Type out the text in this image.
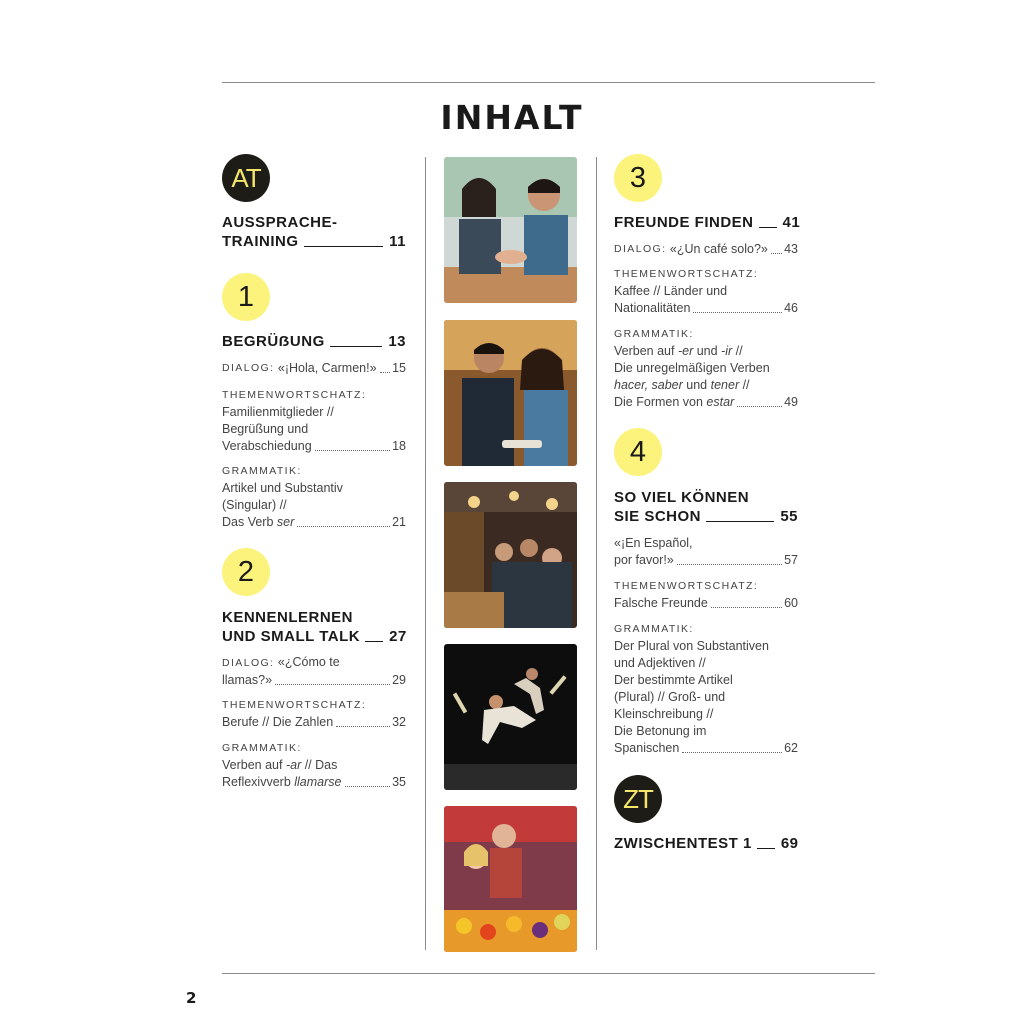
INHALT
AT
AUSSPRACHE-
TRAINING	11
1
BEGRÜẞUNG	13
DIALOG:
«¡Hola, Carmen!» 15
THEMENWORTSCHATZ:
Familienmitglieder //
Begrüßung und
Verabschiedung	18
GRAMMATIK:
Artikel und Substantiv
(Singular) //
Das Verb ser	21
2
KENNENLERNEN
UND SMALL TALK 27
DIALOG: «¿Cómo te
llamas?»	29
THEMENWORTSCHATZ:
Berufe // Die Zahlen	32
GRAMMATIK:
Verben auf -ar // Das
Reflexivverb llamarse	35
3
FREUNDE FINDEN 41
DIALOG:
«¿Un café solo?» 43
THEMENWORTSCHATZ:
Kaffee // Länder und
Nationalitäten	46
GRAMMATIK:
Verben auf -er und -ir //
Die unregelmäßigen Verben
hacer, saber und tener //
Die Formen von estar	49
4
SO VIEL KÖNNEN
SIE SCHON	55
«¡En Español,
por favor!»	57
THEMENWORTSCHATZ:
Falsche Freunde	60
GRAMMATIK:
Der Plural von Substantiven
und Adjektiven //
Der bestimmte Artikel
(Plural) // Groß- und
Kleinschreibung //
Die Betonung im
Spanischen	62
ZT
ZWISCHENTEST 1 69
2
